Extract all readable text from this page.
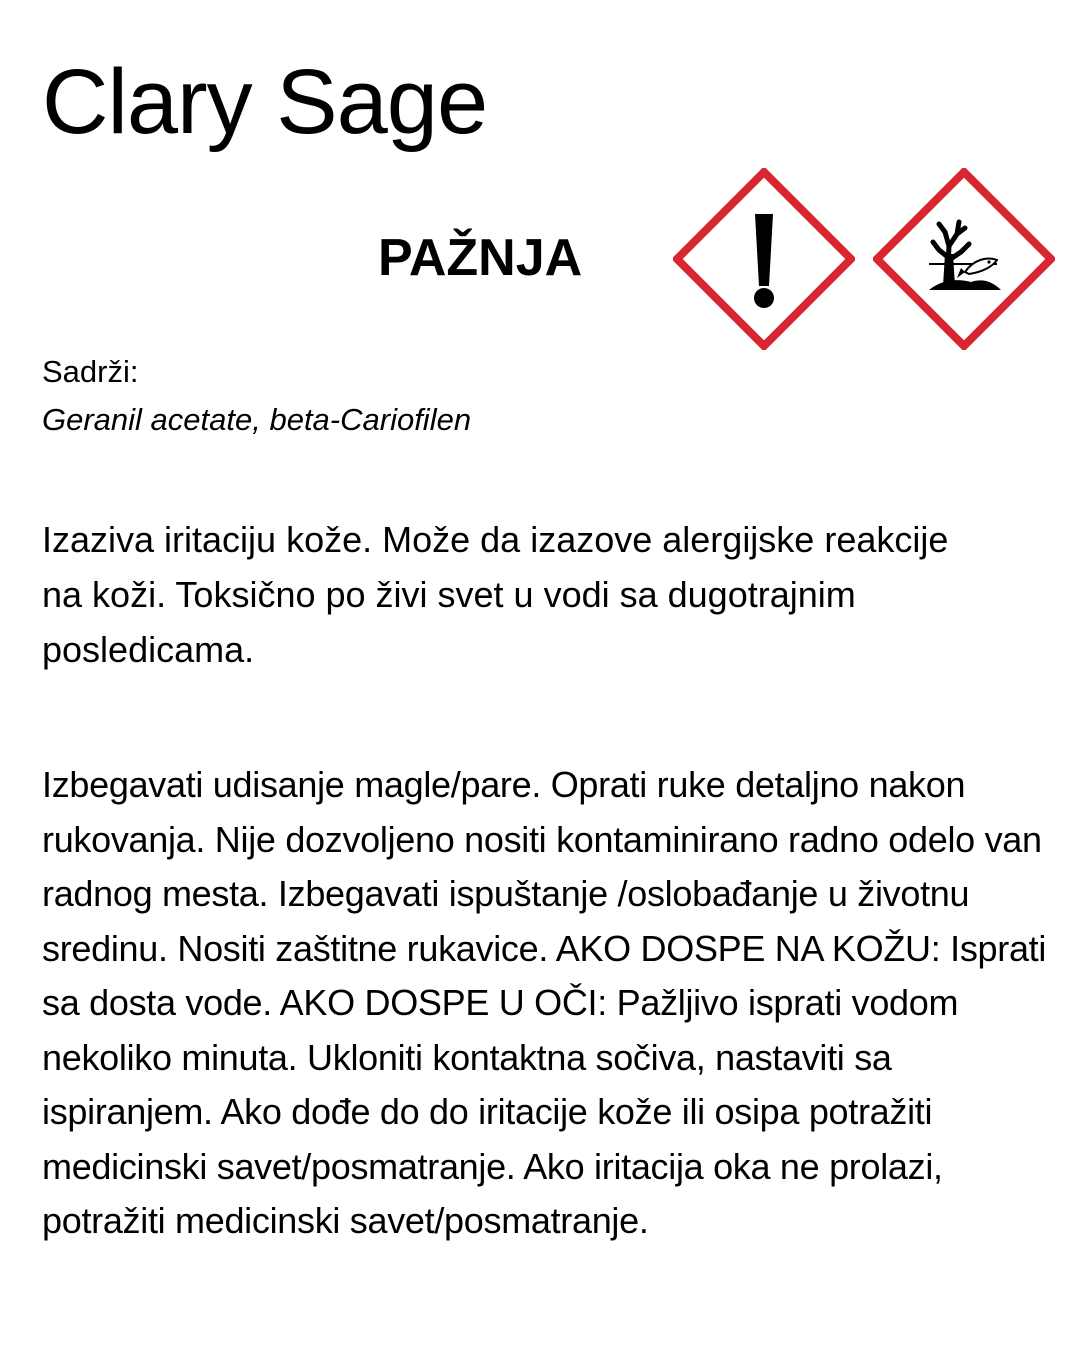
Clary Sage
PAŽNJA
Sadrži:
Geranil acetate, beta-Cariofilen

Izaziva iritaciju kože. Može da izazove alergijske reakcije na koži. Toksično po živi svet u vodi sa dugotrajnim posledicama.

Izbegavati udisanje magle/pare. Oprati ruke detaljno nakon rukovanja. Nije dozvoljeno nositi kontaminirano radno odelo van radnog mesta. Izbegavati ispuštanje /oslobađanje u životnu sredinu. Nositi zaštitne rukavice. AKO DOSPE NA KOŽU: Isprati sa dosta vode. AKO DOSPE U OČI: Pažljivo isprati vodom nekoliko minuta. Ukloniti kontaktna sočiva, nastaviti sa ispiranjem. Ako dođe do do iritacije kože ili osipa potražiti medicinski savet/posmatranje. Ako iritacija oka ne prolazi, potražiti medicinski savet/posmatranje.
